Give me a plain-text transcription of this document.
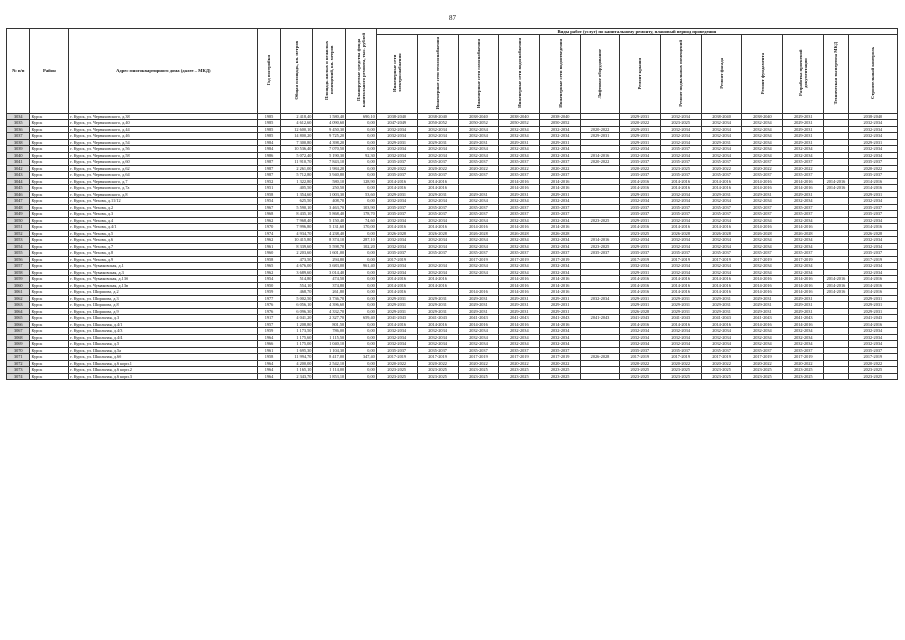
87
№ п/п	Район	Адрес многоквартирного дома (далее – МКД)	Год постройки	Общая площадь, кв. метров	Площадь жилых и нежилых помещений, кв. метров	Планируемые средства фонда капитального ремонта, тыс. рублей	Виды работ (услуг) по капитальному ремонту, плановый период проведения												
							Инженерные сети электроснабжения	Инженерные сети теплоснабжения	Инженерные сети газоснабжения	Инженерные сети водоснабжения	Инженерные сети водоотведения	Лифтовое оборудование	Ремонт крыши	Ремонт подвальных помещений	Ремонт фасада	Ремонт фундамента	Разработка проектной документации	Техническая экспертиза МКД	Строительный контроль
3034	Курск	г. Курск, ул. Черняховского, д.38	1985	2 418,40	1 580,40	690,10	2038-2040	2038-2040	2038-2040	2038-2040	2038-2040		2029-2031	2032-2034	2038-2040	2038-2040	2029-2031		2038-2040
3035	Курск	г. Курск, ул. Черняховского, д.40	1985	4 612,60	4 090,60	0,00	2047-2049	2050-2052	2050-2052	2050-2052	2050-2052		2020-2022	2023-2025	2032-2034	2032-2034	2029-2031		2032-2034
3036	Курск	г. Курск, ул. Черняховского, д.44	1985	12 600,10	9 450,30	0,00	2032-2034	2032-2034	2032-2034	2032-2034	2032-2034	2020-2022	2029-2031	2032-2034	2032-2034	2032-2034	2029-2031		2032-2034
3037	Курск	г. Курск, ул. Черняховского, д.46	1985	14 800,20	9 725,20	0,00	2032-2034	2032-2034	2032-2034	2032-2034	2032-2034	2029-2031	2029-2031	2032-2034	2032-2034	2032-2034	2029-2031		2032-2034
3038	Курск	г. Курск, ул. Черняховского, д.54	1984	7 300,80	4 398,20	0,00	2029-2031	2029-2031	2029-2031	2029-2031	2029-2031		2029-2031	2032-2034	2029-2031	2032-2034	2029-2031		2029-2031
3039	Курск	г. Курск, ул. Черняховского, д.56	1984	10 536,40	7 070,50	0,00	2032-2034	2032-2034	2032-2034	2032-2034	2032-2034		2032-2034	2035-2037	2032-2034	2032-2034	2032-2034		2032-2034
3040	Курск	г. Курск, ул. Черняховского, д.58	1986	5 072,40	5 190,30	92,30	2032-2034	2032-2034	2032-2034	2032-2034	2032-2034	2014-2016	2032-2034	2032-2034	2032-2034	2032-2034	2032-2034		2032-2034
3041	Курск	г. Курск, ул. Черняховского, д.60	1987	11 910,70	7 843,10	0,00	2035-2037	2035-2037	2035-2037	2035-2037	2035-2037	2020-2022	2035-2037	2035-2037	2035-2037	2035-2037	2035-2037		2035-2037
3042	Курск	г. Курск, ул. Черняховского, д.62	1987	2 261,00	1 984,20	0,00	2020-2022	2020-2022	2020-2022	2020-2022	2020-2022		2020-2022	2023-2025	2020-2022	2020-2022	2020-2022		2020-2022
3043	Курск	г. Курск, ул. Черняховского, д.64	1987	5 712,80	3 940,80	0,00	2035-2037	2035-2037	2035-2037	2035-2037	2035-2037		2035-2037	2035-2037	2035-2037	2035-2037	2035-2037		2035-2037
3044	Курск	г. Курск, ул. Черняховского, д.7	1952	1 322,80	580,10	128,90	2014-2016	2014-2016		2014-2016	2014-2016		2014-2016	2014-2016	2014-2016	2014-2016	2014-2016	2014-2016	2014-2016
3045	Курск	г. Курск, ул. Черняховского, д.7а	1951	405,50	250,50	0,00	2014-2016	2014-2016		2014-2016	2014-2016		2014-2016	2014-2016	2014-2016	2014-2016	2014-2016	2014-2016	2014-2016
3046	Курск	г. Курск, ул. Черняховского, д.8	1958	1 354,60	1 003,30	53,60	2029-2031	2029-2031	2029-2031	2029-2031	2029-2031		2029-2031	2032-2034	2029-2031	2029-2031	2029-2031		2029-2031
3047	Курск	г. Курск, ул. Чехова, д.11/12	1954	625,50	408,70	0,00	2032-2034	2032-2034	2032-2034	2032-2034	2032-2034		2032-2034	2032-2034	2032-2034	2032-2034	2032-2034		2032-2034
3048	Курск	г. Курск, ул. Чехова, д.2	1967	5 590,10	3 463,70	103,90	2035-2037	2035-2037	2035-2037	2035-2037	2035-2037		2035-2037	2035-2037	2035-2037	2035-2037	2035-2037		2035-2037
3049	Курск	г. Курск, ул. Чехова, д.3	1968	8 435,10	5 868,40	178,70	2035-2037	2035-2037	2035-2037	2035-2037	2035-2037		2035-2037	2035-2037	2035-2037	2035-2037	2035-2037		2035-2037
3050	Курск	г. Курск, ул. Чехова, д.4	1962	7 968,40	5 150,40	74,60	2032-2034	2032-2034	2032-2034	2032-2034	2032-2034	2023-2025	2029-2031	2032-2034	2032-2034	2032-2034	2032-2034		2032-2034
3051	Курск	г. Курск, ул. Чехова, д.4/1	1970	7 996,80	5 131,60	170,00	2014-2016	2014-2016	2014-2016	2014-2016	2014-2016		2014-2016	2014-2016	2014-2016	2014-2016	2014-2016		2014-2016
3052	Курск	г. Курск, ул. Чехова, д.5	1974	4 934,70	4 238,40	0,00	2026-2028	2026-2028	2026-2028	2026-2028	2026-2028		2023-2025	2026-2028	2026-2028	2026-2028	2026-2028		2026-2028
3053	Курск	г. Курск, ул. Чехова, д.6	1962	10 415,80	8 374,10	287,10	2032-2034	2032-2034	2032-2034	2032-2034	2032-2034	2014-2016	2032-2034	2032-2034	2032-2034	2032-2034	2032-2034		2032-2034
3054	Курск	г. Курск, ул. Чехова, д.7	1961	8 339,60	5 598,70	102,20	2032-2034	2032-2034	2032-2034	2032-2034	2032-2034	2023-2025	2029-2031	2032-2034	2032-2034	2032-2034	2032-2034		2032-2034
3055	Курск	г. Курск, ул. Чехова, д.8	1960	2 203,60	1 601,00	0,00	2035-2037	2035-2037	2035-2037	2035-2037	2035-2037	2035-2037	2035-2037	2035-2037	2035-2037	2035-2037	2035-2037		2035-2037
3056	Курск	г. Курск, ул. Чехова, д.9	1958	473,50	294,80	0,00	2017-2019		2017-2019	2017-2019	2017-2019		2017-2019	2017-2019	2017-2019	2017-2019	2017-2019		2017-2019
3057	Курск	г. Курск, ул. Чумаковская, д.1	1965	4 676,00	3 683,00	961,40	2032-2034	2032-2034	2032-2034	2032-2034	2032-2034		2032-2034	2032-2034	2032-2034	2032-2034	2032-2034		2032-2034
3058	Курск	г. Курск, ул. Чумаковская, д.3	1962	3 689,60	3 014,40	0,00	2032-2034	2032-2034	2032-2034	2032-2034	2032-2034		2029-2031	2032-2034	2032-2034	2032-2034	2032-2034		2032-2034
3059	Курск	г. Курск, ул. Чумаковская, д.13б	1954	514,80	474,50	0,00	2014-2016	2014-2016		2014-2016	2014-2016		2014-2016	2014-2016	2014-2016	2014-2016	2014-2016	2014-2016	2014-2016
3060	Курск	г. Курск, ул. Чумаковская, д.13в	1950	554,10	374,80	0,00	2014-2016	2014-2016		2014-2016	2014-2016		2014-2016	2014-2016	2014-2016	2014-2016	2014-2016	2014-2016	2014-2016
3061	Курск	г. Курск, ул. Ширшова, д.2	1959	468,70	261,80	0,00	2014-2016		2014-2016	2014-2016	2014-2016		2014-2016	2014-2016	2014-2016	2014-2016	2014-2016	2014-2016	2014-2016
3062	Курск	г. Курск, ул. Ширшова, д.3	1977	5 002,50	3 736,70	0,00	2029-2031	2029-2031	2029-2031	2029-2031	2029-2031	2032-2034	2029-2031	2029-2031	2029-2031	2029-2031	2029-2031		2029-2031
3063	Курск	г. Курск, ул. Ширшова, д.8	1976	6 056,10	4 396,60	0,00	2029-2031	2029-2031	2029-2031	2029-2031	2029-2031		2029-2031	2029-2031	2029-2031	2029-2031	2029-2031		2029-2031
3064	Курск	г. Курск, ул. Ширшова, д.9	1976	6 096,30	4 332,70	0,00	2029-2031	2029-2031	2029-2031	2029-2031	2029-2031		2026-2028	2029-2031	2029-2031	2029-2031	2029-2031		2029-2031
3065	Курск	г. Курск, ул. Школьная, д.3	1917	4 041,20	2 327,70	659,40	2041-2043	2041-2043	2041-2043	2041-2043	2041-2043	2041-2043	2041-2043	2041-2043	2041-2043	2041-2043	2041-2043		2041-2043
3066	Курск	г. Курск, ул. Школьная, д.4/1	1957	1 208,80	801,50	0,00	2014-2016	2014-2016	2014-2016	2014-2016	2014-2016		2014-2016	2014-2016	2014-2016	2014-2016	2014-2016		2014-2016
3067	Курск	г. Курск, ул. Школьная, д.4/3	1959	1 173,50	786,00	0,00	2032-2034	2032-2034	2032-2034	2032-2034	2032-2034		2032-2034	2032-2034	2032-2034	2032-2034	2032-2034		2032-2034
3068	Курск	г. Курск, ул. Школьная, д.4/4	1964	1 175,60	1 115,50	0,00	2032-2034	2032-2034	2032-2034	2032-2034	2032-2034		2032-2034	2032-2034	2032-2034	2032-2034	2032-2034		2032-2034
3069	Курск	г. Курск, ул. Школьная, д.5	1966	1 175,00	1 040,10	0,00	2032-2034	2032-2034	2032-2034	2032-2034	2032-2034		2032-2034	2032-2034	2032-2034	2032-2034	2032-2034		2032-2034
3070	Курск	г. Курск, ул. Школьная, д.5а	1961	1 695,30	1 104,30	0,00	2035-2037	2035-2037	2035-2037	2035-2037	2035-2037		2035-2037	2035-2037	2035-2037	2035-2037	2035-2037		2035-2037
3071	Курск	г. Курск, ул. Школьная, д.6б	1958	11 994,70	8 417,00	347,40	2017-2019	2017-2019	2017-2019	2017-2019	2017-2019	2026-2028	2017-2019	2017-2019	2017-2019	2017-2019	2017-2019		2017-2019
3072	Курск	г. Курск, ул. Школьная, д.6 корп.1	1964	4 200,00	2 542,10	0,00	2020-2022	2020-2022	2020-2022	2020-2022	2020-2022		2020-2022	2020-2022	2020-2022	2020-2022	2020-2022		2020-2022
3073	Курск	г. Курск, ул. Школьная, д.6 корп.2	1964	1 165,10	1 114,00	0,00	2023-2025	2023-2025	2023-2025	2023-2025	2023-2025		2023-2025	2023-2025	2023-2025	2023-2025	2023-2025		2023-2025
3074	Курск	г. Курск, ул. Школьная, д.6 корп.3	1964	2 343,70	1 853,10	0,00	2023-2025	2023-2025	2023-2025	2023-2025	2023-2025		2023-2025	2023-2025	2023-2025	2023-2025	2023-2025		2023-2025
